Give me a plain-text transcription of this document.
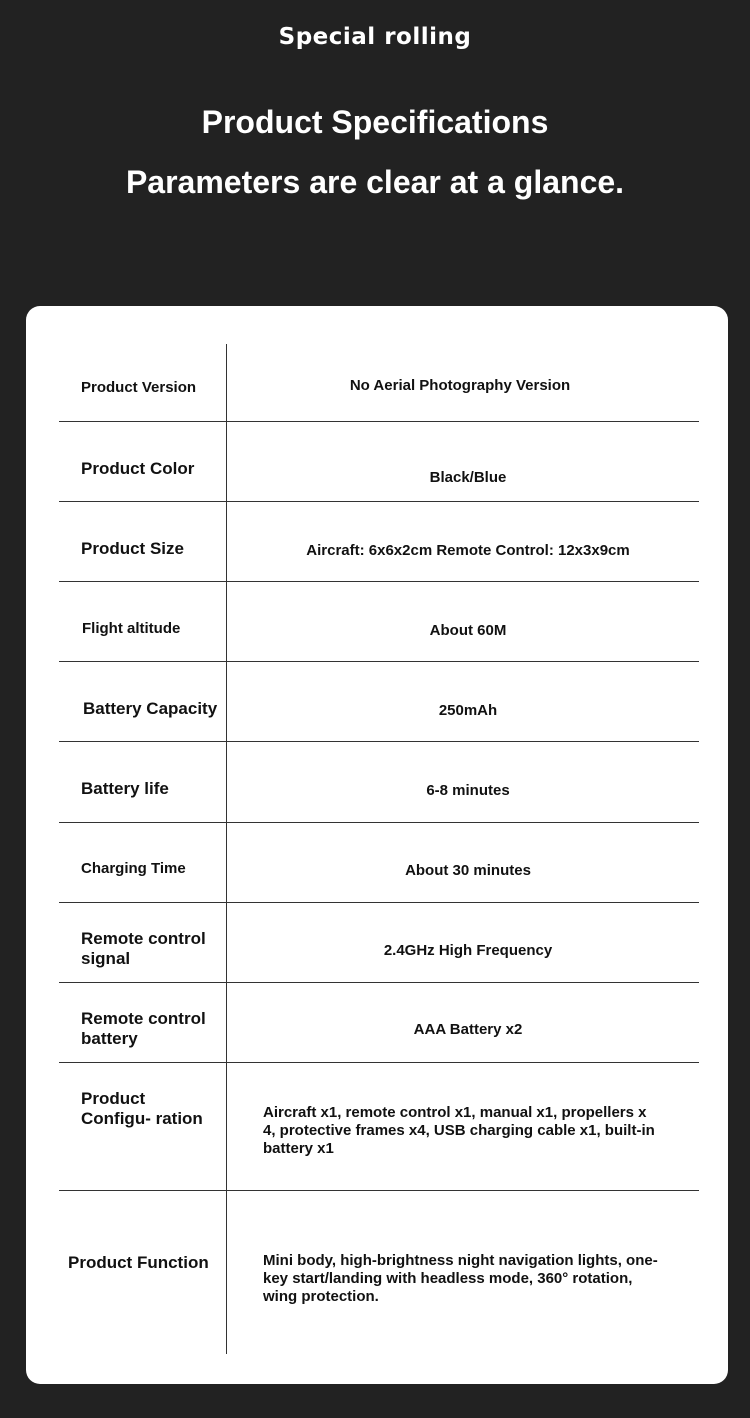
Special rolling
Product Specifications
Parameters are clear at a glance.
Product Version	No Aerial Photography Version
Product Color	Black/Blue
Product Size	Aircraft: 6x6x2cm Remote Control: 12x3x9cm
Flight altitude	About 60M
Battery Capacity	250mAh
Battery life	6-8 minutes
Charging Time	About 30 minutes
Remote control signal	2.4GHz High Frequency
Remote control battery	AAA Battery x2
Product Configu- ration	Aircraft x1, remote control x1, manual x1, propellers x 4, protective frames x4, USB charging cable x1, built-in battery x1
Product Function	Mini body, high-brightness night navigation lights, one-key start/landing with headless mode, 360° rotation, wing protection.
